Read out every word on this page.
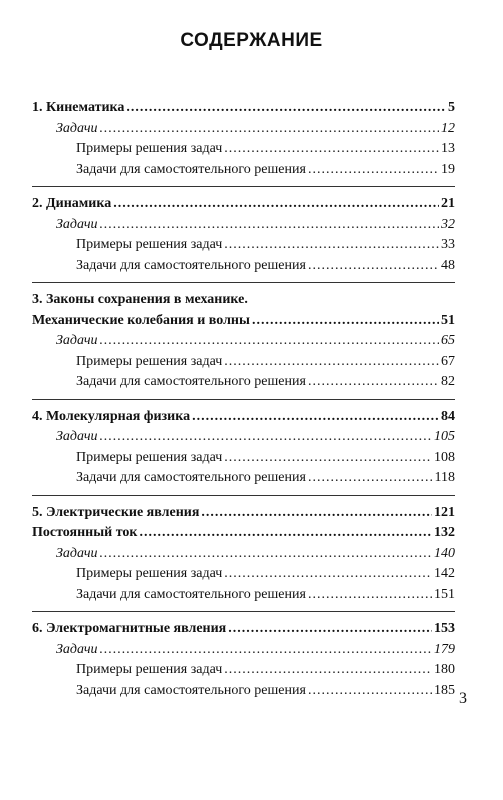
СОДЕРЖАНИЕ
1. Кинематика .....	5
Задачи .....	12
Примеры решения задач .....	13
Задачи для самостоятельного решения .....	19
2. Динамика .....	21
Задачи .....	32
Примеры решения задач .....	33
Задачи для самостоятельного решения .....	48
3. Законы сохранения в механике.
Механические колебания и волны .....	51
Задачи .....	65
Примеры решения задач .....	67
Задачи для самостоятельного решения .....	82
4. Молекулярная физика .....	84
Задачи .....	105
Примеры решения задач .....	108
Задачи для самостоятельного решения .....	118
5. Электрические явления .....	121
Постоянный ток .....	132
Задачи .....	140
Примеры решения задач .....	142
Задачи для самостоятельного решения .....	151
6. Электромагнитные явления .....	153
Задачи .....	179
Примеры решения задач .....	180
Задачи для самостоятельного решения .....	185 3
